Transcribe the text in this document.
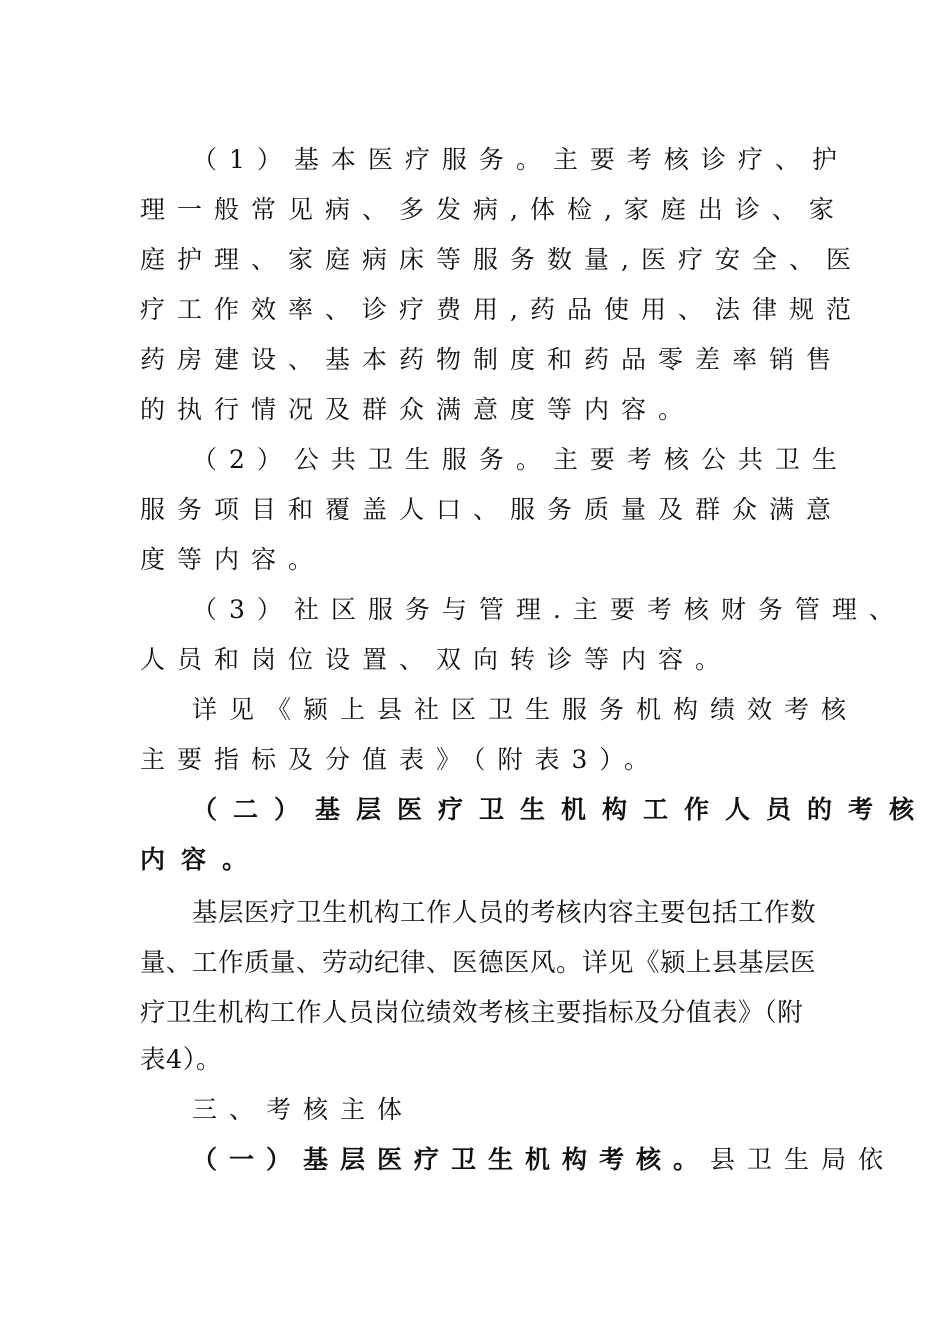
（1）基本医疗服务。主要考核诊疗、护
理一般常见病、多发病,体检,家庭出诊、家
庭护理、家庭病床等服务数量,医疗安全、医
疗工作效率、诊疗费用,药品使用、法律规范
药房建设、基本药物制度和药品零差率销售
的执行情况及群众满意度等内容。
（2）公共卫生服务。主要考核公共卫生
服务项目和覆盖人口、服务质量及群众满意
度等内容。
（3）社区服务与管理.主要考核财务管理、
人员和岗位设置、双向转诊等内容。
详见《颍上县社区卫生服务机构绩效考核
主要指标及分值表》（附表3）。
（二）基层医疗卫生机构工作人员的考核
内容。
基层医疗卫生机构工作人员的考核内容主要包括工作数
量、工作质量、劳动纪律、医德医风。详见《颍上县基层医
疗卫生机构工作人员岗位绩效考核主要指标及分值表》（附
表4）。
三、考核主体
（一）基层医疗卫生机构考核。县卫生局依
